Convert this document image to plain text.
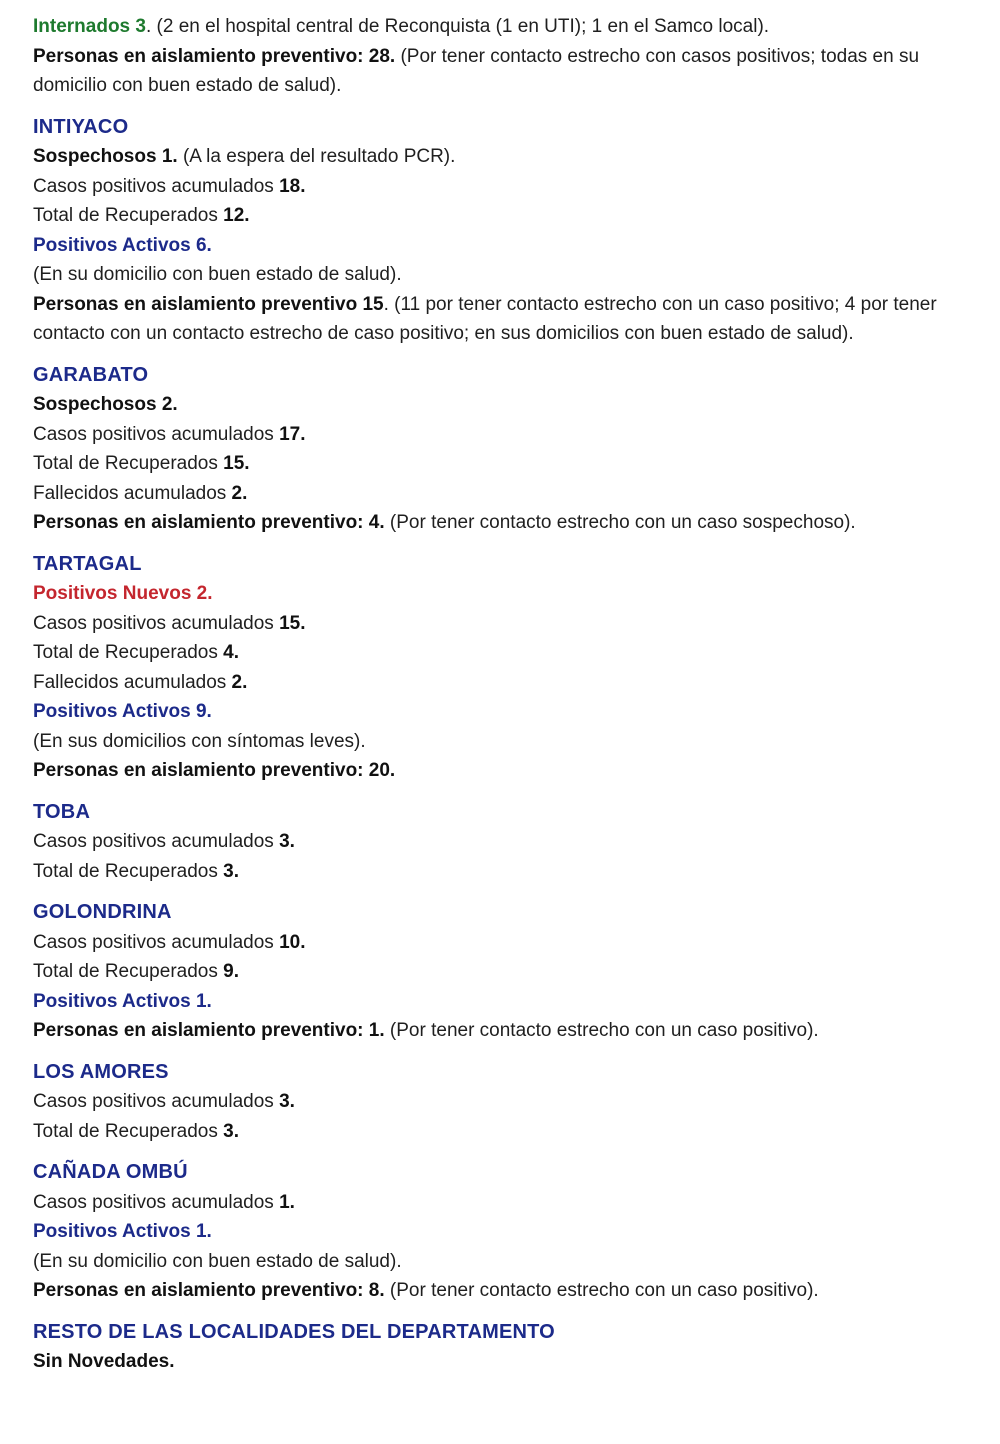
Internados 3. (2 en el hospital central de Reconquista (1 en UTI); 1 en el Samco local).

Personas en aislamiento preventivo: 28. (Por tener contacto estrecho con casos positivos; todas en su domicilio con buen estado de salud).

INTIYACO

Sospechosos 1. (A la espera del resultado PCR).

Casos positivos acumulados 18.

Total de Recuperados 12.

Positivos Activos 6.

(En su domicilio con buen estado de salud).

Personas en aislamiento preventivo 15. (11 por tener contacto estrecho con un caso positivo; 4 por tener contacto con un contacto estrecho de caso positivo; en sus domicilios con buen estado de salud).

GARABATO

Sospechosos 2.

Casos positivos acumulados 17.

Total de Recuperados 15.

Fallecidos acumulados 2.

Personas en aislamiento preventivo: 4. (Por tener contacto estrecho con un caso sospechoso).

TARTAGAL

Positivos Nuevos 2.

Casos positivos acumulados 15.

Total de Recuperados 4.

Fallecidos acumulados 2.

Positivos Activos 9.

(En sus domicilios con síntomas leves).

Personas en aislamiento preventivo: 20.

TOBA

Casos positivos acumulados 3.

Total de Recuperados 3.

GOLONDRINA

Casos positivos acumulados 10.

Total de Recuperados 9.

Positivos Activos 1.

Personas en aislamiento preventivo: 1. (Por tener contacto estrecho con un caso positivo).

LOS AMORES

Casos positivos acumulados 3.

Total de Recuperados 3.

CAÑADA OMBÚ

Casos positivos acumulados 1.

Positivos Activos 1.

(En su domicilio con buen estado de salud).

Personas en aislamiento preventivo: 8. (Por tener contacto estrecho con un caso positivo).

RESTO DE LAS LOCALIDADES DEL DEPARTAMENTO

Sin Novedades.
